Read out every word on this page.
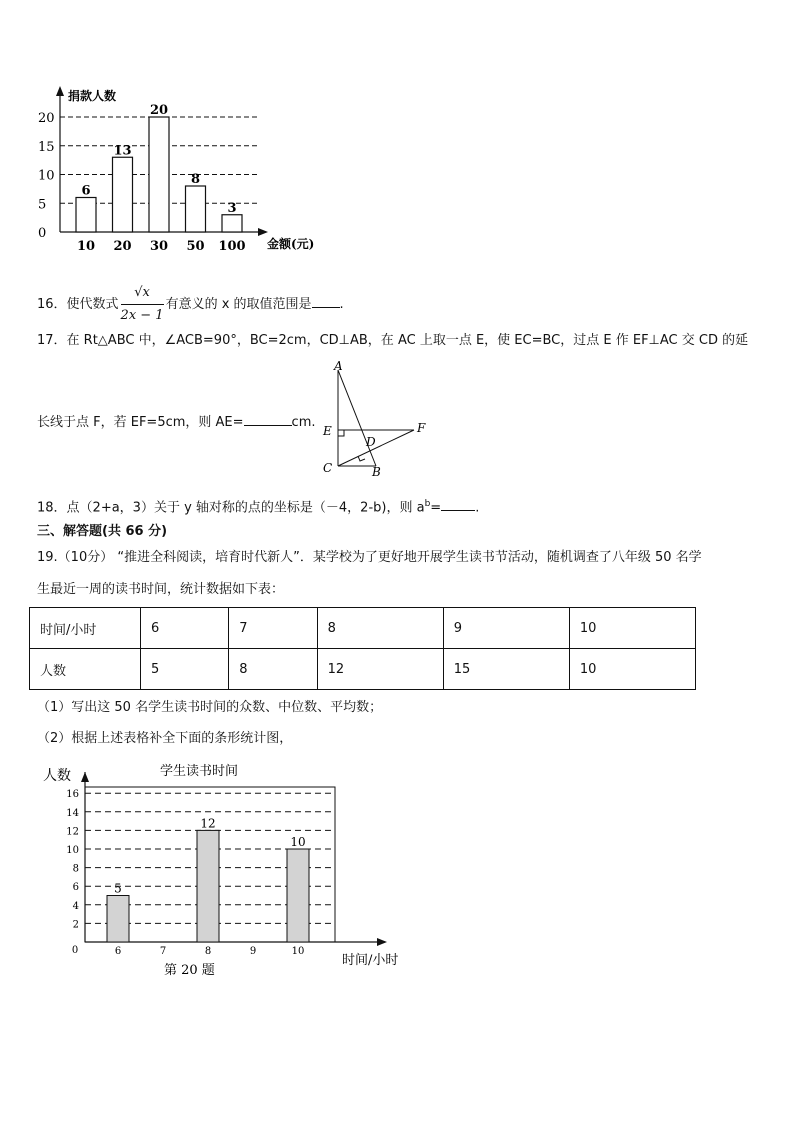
0
5
10
15
20
6
10
13
20
20
30
8
50
3
100
捐款人数
金额(元)
16．使代数式 $\frac{√x}{2x - 1}$ 有意义的 x 的取值范围是 .
17．在 Rt△ABC 中，∠ACB=90°，BC=2cm，CD⊥AB，在 AC 上取一点 E，使 EC=BC，过点 E 作 EF⊥AC 交 CD 的延
长线于点 F，若 EF=5cm，则 AE=	cm.
A
E
D
F
C	B
18．点（2+a，3）关于 y 轴对称的点的坐标是（－4，2-b)，则 $a^b=$	.
三、解答题(共 66 分)
19.（10分） “推进全科阅读，培育时代新人”．某学校为了更好地开展学生读书节活动，随机调查了八年级 50 名学
生最近一周的读书时间，统计数据如下表：
时间/小时	6	7	8	9	10
人数	5	8	12	15	10
（1）写出这 50 名学生读书时间的众数、中位数、平均数；
（2）根据上述表格补全下面的条形统计图，
0
2
4
6
8
10
12
14
16
6
5
7	8
12
9	10
10
学生读书时间
人数
时间/小时
第 20 题
